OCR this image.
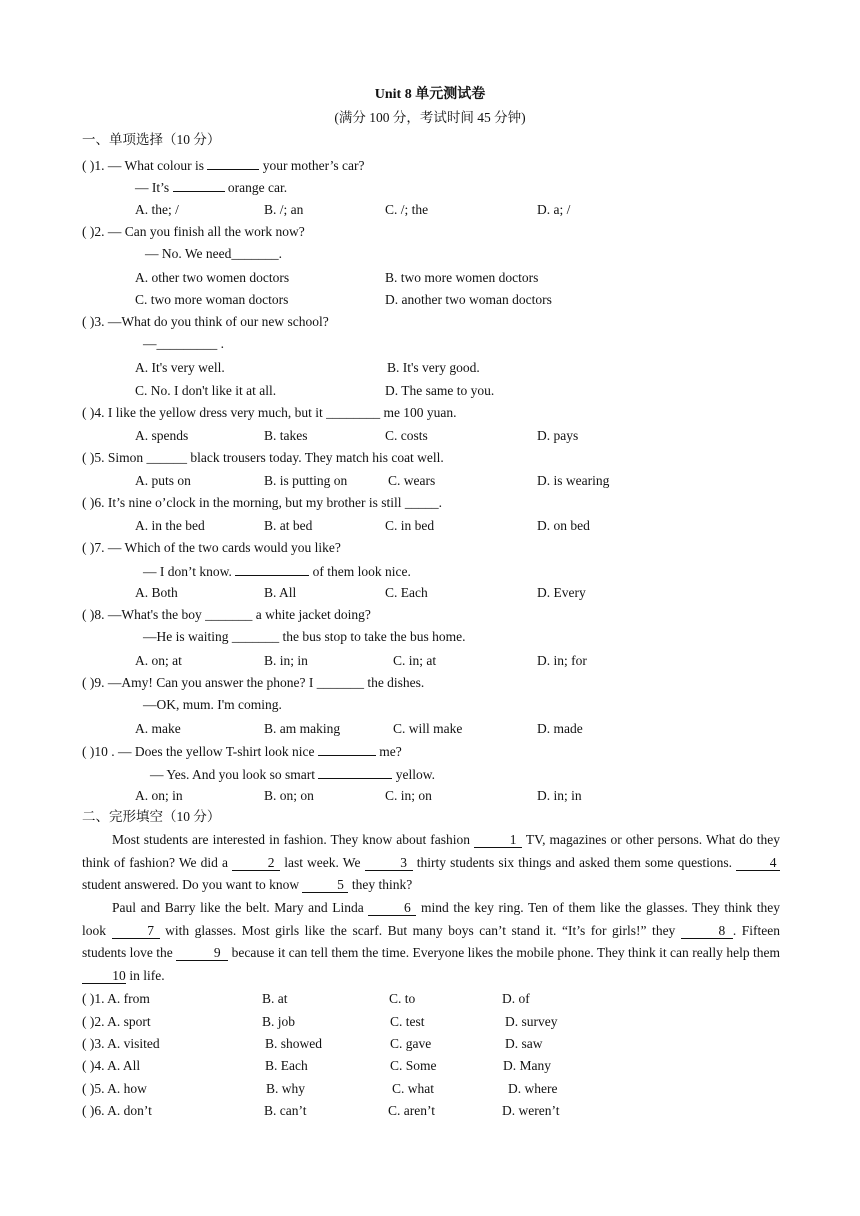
Unit 8 单元测试卷
(满分 100 分，考试时间 45 分钟)
一、单项选择（10 分）
( )1. — What colour is	your mother’s car?
— It’s	orange car.
A. the; /	B. /; an	C. /; the	D. a; /
( )2. — Can you finish all the work now?
— No. We need_______.
A. other two women doctors	B. two more women doctors
C. two more woman doctors	D. another two woman doctors
( )3. —What do you think of our new school?
—_________ .
A. It's very well.	B. It's very good.
C. No. I don't like it at all.	D. The same to you.
( )4. I like the yellow dress very much, but it ________ me 100 yuan.
A. spends	B. takes	C. costs	D. pays
( )5. Simon ______ black trousers today. They match his coat well.
A. puts on	B. is putting on	C. wears	D. is wearing
( )6. It’s nine o’clock in the morning, but my brother is still _____.
A. in the bed	B. at bed	C. in bed	D. on bed
( )7. — Which of the two cards would you like?
— I don’t know.	of them look nice.
A. Both	B. All	C. Each	D. Every
( )8. —What's the boy _______ a white jacket doing?
—He is waiting _______ the bus stop to take the bus home.
A. on; at	B. in; in	C. in; at	D. in; for
( )9. —Amy! Can you answer the phone? I _______ the dishes.
—OK, mum. I'm coming.
A. make	B. am making	C. will make	D. made
( )10 . — Does the yellow T-shirt look nice	me?
— Yes. And you look so smart	yellow.
A. on; in	B. on; on	C. in; on	D. in; in
二、完形填空（10 分）
Most students are interested in fashion. They know about fashion	1 TV, magazines or other persons. What do they think of fashion? We did a	2 last week. We	3 thirty students six things and asked them some questions.	4 student answered. Do you want to know	5 they think?
Paul and Barry like the belt. Mary and Linda	6 mind the key ring. Ten of them like the glasses. They think they look	7 with glasses. Most girls like the scarf. But many boys can’t stand it. “It’s for girls!” they	8 . Fifteen students love the	9 because it can tell them the time. Everyone likes the mobile phone. They think it can really help them 10 in life.
( )1. A. from	B. at	C. to	D. of
( )2. A. sport	B. job	C. test	D. survey
( )3. A. visited	B. showed	C. gave	D. saw
( )4. A. All	B. Each	C. Some	D. Many
( )5. A. how	B. why	C. what	D. where
( )6. A. don’t	B. can’t	C. aren’t	D. weren’t
